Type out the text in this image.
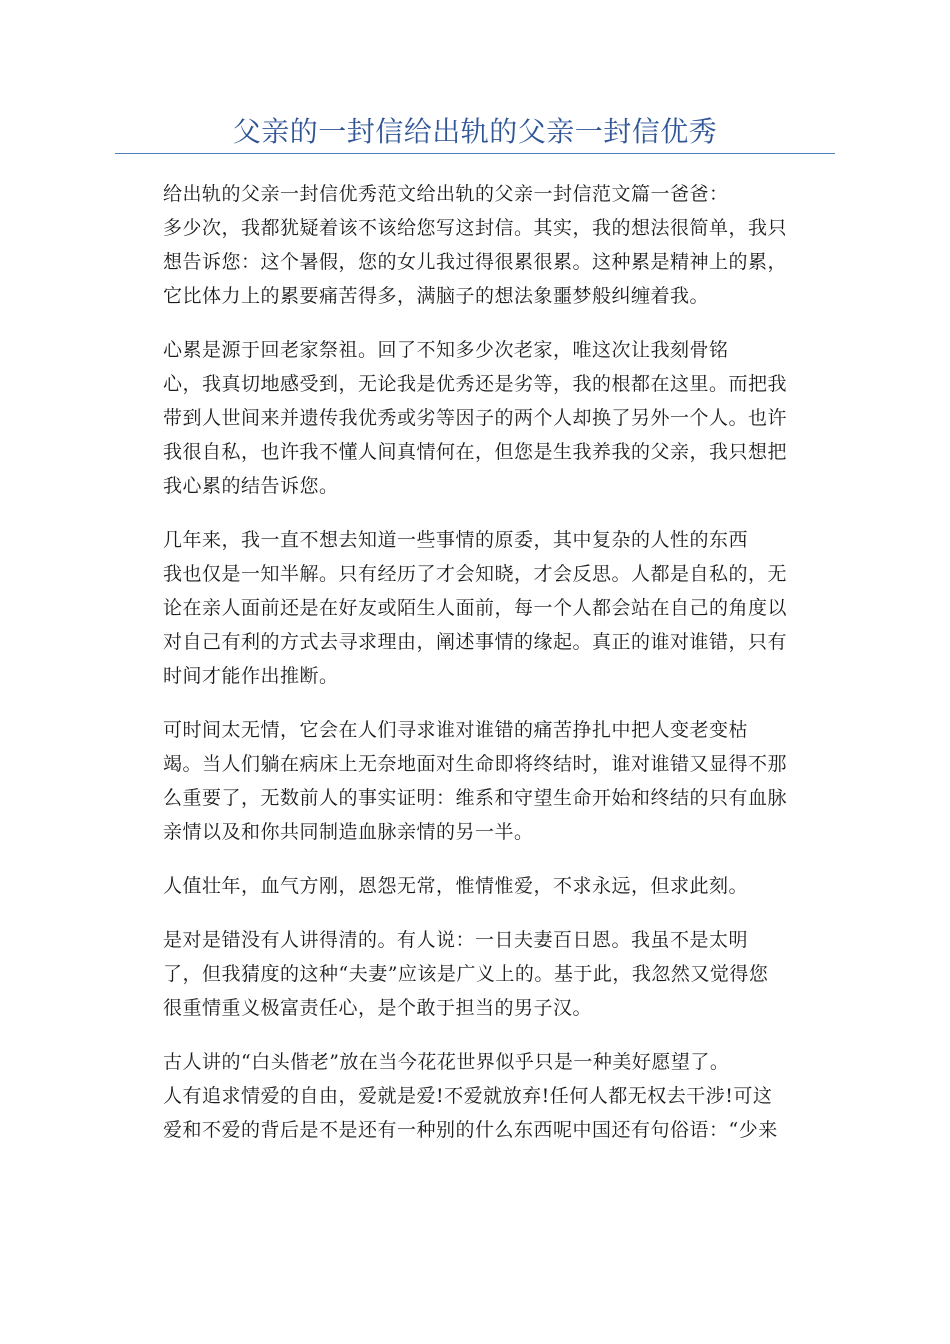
父亲的一封信给出轨的父亲一封信优秀

给出轨的父亲一封信优秀范文给出轨的父亲一封信范文篇一爸爸：
多少次，我都犹疑着该不该给您写这封信。其实，我的想法很简单，我只
想告诉您：这个暑假，您的女儿我过得很累很累。这种累是精神上的累，
它比体力上的累要痛苦得多，满脑子的想法象噩梦般纠缠着我。

心累是源于回老家祭祖。回了不知多少次老家，唯这次让我刻骨铭
心，我真切地感受到，无论我是优秀还是劣等，我的根都在这里。而把我
带到人世间来并遗传我优秀或劣等因子的两个人却换了另外一个人。也许
我很自私，也许我不懂人间真情何在，但您是生我养我的父亲，我只想把
我心累的结告诉您。

几年来，我一直不想去知道一些事情的原委，其中复杂的人性的东西
我也仅是一知半解。只有经历了才会知晓，才会反思。人都是自私的，无
论在亲人面前还是在好友或陌生人面前，每一个人都会站在自己的角度以
对自己有利的方式去寻求理由，阐述事情的缘起。真正的谁对谁错，只有
时间才能作出推断。

可时间太无情，它会在人们寻求谁对谁错的痛苦挣扎中把人变老变枯
竭。当人们躺在病床上无奈地面对生命即将终结时，谁对谁错又显得不那
么重要了，无数前人的事实证明：维系和守望生命开始和终结的只有血脉
亲情以及和你共同制造血脉亲情的另一半。

人值壮年，血气方刚，恩怨无常，惟情惟爱，不求永远，但求此刻。

是对是错没有人讲得清的。有人说：一日夫妻百日恩。我虽不是太明
了，但我猜度的这种“夫妻”应该是广义上的。基于此，我忽然又觉得您
很重情重义极富责任心，是个敢于担当的男子汉。

古人讲的“白头偕老”放在当今花花世界似乎只是一种美好愿望了。
人有追求情爱的自由，爱就是爱!不爱就放弃!任何人都无权去干涉!可这
爱和不爱的背后是不是还有一种别的什么东西呢中国还有句俗语：“少来
